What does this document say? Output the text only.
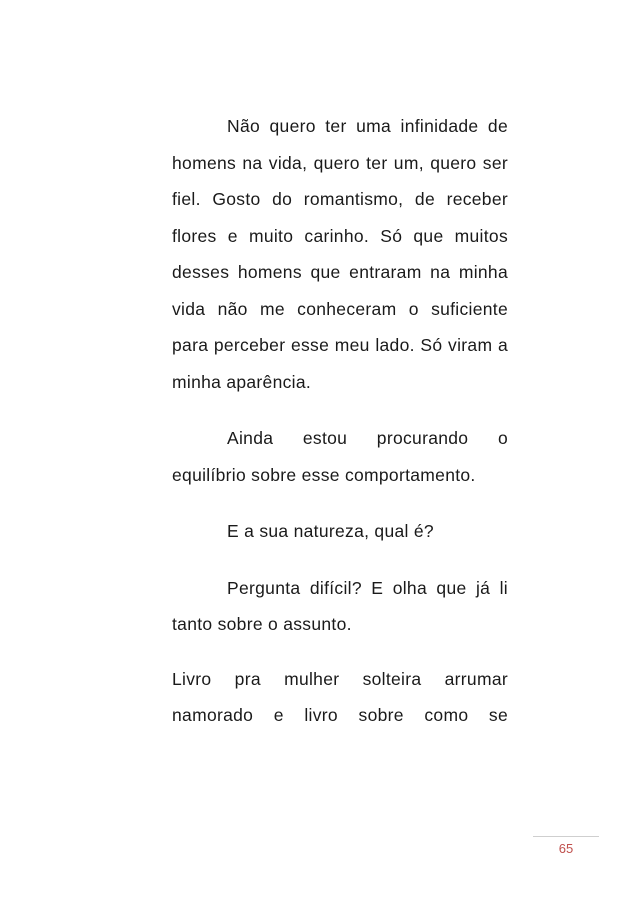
Não quero ter uma infinidade de homens na vida, quero ter um, quero ser fiel. Gosto do romantismo, de receber flores e muito carinho. Só que muitos desses homens que entraram na minha vida não me conheceram o suficiente para perceber esse meu lado. Só viram a minha aparência.

Ainda estou procurando o equilíbrio sobre esse comportamento.

E a sua natureza, qual é?

Pergunta difícil? E olha que já li tanto sobre o assunto.

Livro pra mulher solteira arrumar namorado e livro sobre como se

65
